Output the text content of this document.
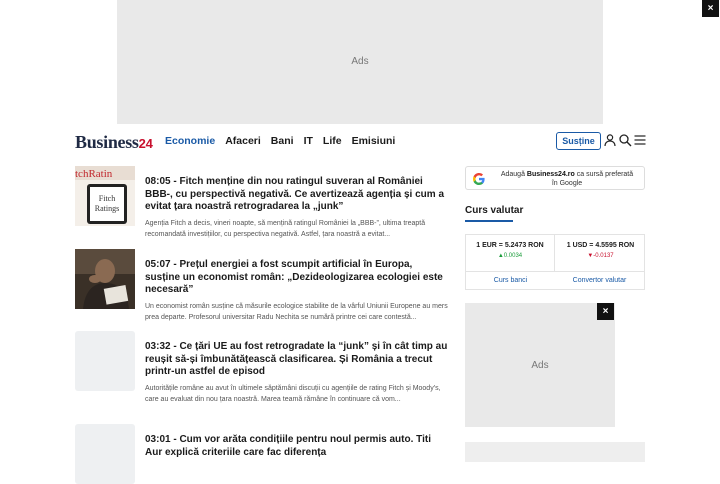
Ads
×
Business24 Economie Afaceri Bani IT Life Emisiuni	Susține
tchRatin
Fitch
Ratings
08:05 - Fitch menține din nou ratingul suveran al României BBB-, cu perspectivă negativă. Ce avertizează agenția și cum a evitat țara noastră retrogradarea la „junk”
Agenția Fitch a decis, vineri noapte, să mențină ratingul României la „BBB-”, ultima treaptă recomandată investițiilor, cu perspectiva negativă. Astfel, țara noastră a evitat...
05:07 - Prețul energiei a fost scumpit artificial în Europa, susține un economist român: „Dezideologizarea ecologiei este necesară”
Un economist român susține că măsurile ecologice stabilite de la vârful Uniunii Europene au mers prea departe. Profesorul universitar Radu Nechita se numără printre cei care contestă...
03:32 - Ce țări UE au fost retrogradate la “junk” și în cât timp au reușit să-și îmbunătățească clasificarea. Și România a trecut printr-un astfel de episod
Autoritățile române au avut în ultimele săptămâni discuții cu agențiile de rating Fitch și Moody’s, care au evaluat din nou țara noastră. Marea teamă rămâne în continuare că vom...
03:01 - Cum vor arăta condițiile pentru noul permis auto. Titi Aur explică criteriile care fac diferența
Adaugă Business24.ro ca sursă preferată
în Google
Curs valutar
1 EUR = 5.2473 RON
▲0.0034
1 USD = 4.5595 RON
▼-0.0137
Curs banci	Convertor valutar
Ads
×
